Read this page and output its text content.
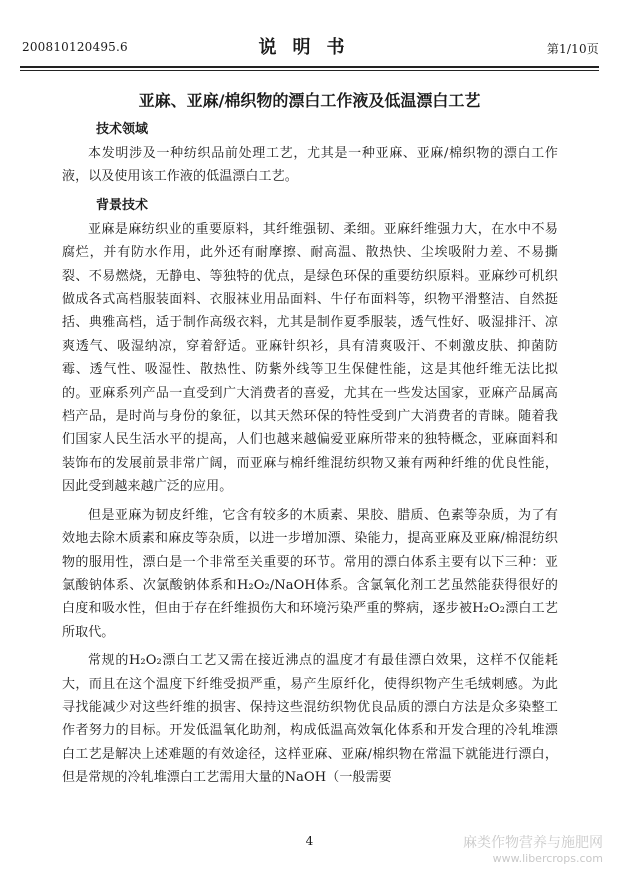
200810120495.6	说明书	第1/10页
亚麻、亚麻/棉织物的漂白工作液及低温漂白工艺
技术领域

本发明涉及一种纺织品前处理工艺，尤其是一种亚麻、亚麻/棉织物的漂白工作液，以及使用该工作液的低温漂白工艺。

背景技术

亚麻是麻纺织业的重要原料，其纤维强韧、柔细。亚麻纤维强力大，在水中不易腐烂，并有防水作用，此外还有耐摩擦、耐高温、散热快、尘埃吸附力差、不易撕裂、不易燃烧，无静电、等独特的优点，是绿色环保的重要纺织原料。亚麻纱可机织做成各式高档服装面料、衣服袜业用品面料、牛仔布面料等，织物平滑整洁、自然挺括、典雅高档，适于制作高级衣料，尤其是制作夏季服装，透气性好、吸湿排汗、凉爽透气、吸湿纳凉，穿着舒适。亚麻针织衫，具有清爽吸汗、不刺激皮肤、抑菌防霉、透气性、吸湿性、散热性、防紫外线等卫生保健性能，这是其他纤维无法比拟的。亚麻系列产品一直受到广大消费者的喜爱，尤其在一些发达国家，亚麻产品属高档产品，是时尚与身份的象征，以其天然环保的特性受到广大消费者的青睐。随着我们国家人民生活水平的提高，人们也越来越偏爱亚麻所带来的独特概念，亚麻面料和装饰布的发展前景非常广阔，而亚麻与棉纤维混纺织物又兼有两种纤维的优良性能，因此受到越来越广泛的应用。

但是亚麻为韧皮纤维，它含有较多的木质素、果胶、腊质、色素等杂质，为了有效地去除木质素和麻皮等杂质，以进一步增加漂、染能力，提高亚麻及亚麻/棉混纺织物的服用性，漂白是一个非常至关重要的环节。常用的漂白体系主要有以下三种：亚氯酸钠体系、次氯酸钠体系和H₂O₂/NaOH体系。含氯氧化剂工艺虽然能获得很好的白度和吸水性，但由于存在纤维损伤大和环境污染严重的弊病，逐步被H₂O₂漂白工艺所取代。

常规的H₂O₂漂白工艺又需在接近沸点的温度才有最佳漂白效果，这样不仅能耗大，而且在这个温度下纤维受损严重，易产生原纤化，使得织物产生毛绒刺感。为此寻找能减少对这些纤维的损害、保持这些混纺织物优良品质的漂白方法是众多染整工作者努力的目标。开发低温氧化助剂，构成低温高效氧化体系和开发合理的冷轧堆漂白工艺是解决上述难题的有效途径，这样亚麻、亚麻/棉织物在常温下就能进行漂白，但是常规的冷轧堆漂白工艺需用大量的NaOH（一般需要

4	麻类作物营养与施肥网
www.libercrops.com
